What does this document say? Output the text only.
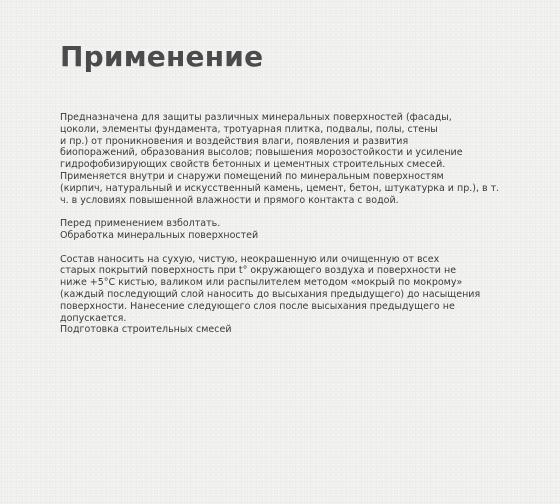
Применение

Предназначена для защиты различных минеральных поверхностей (фасады,
цоколи, элементы фундамента, тротуарная плитка, подвалы, полы, стены
и пр.) от проникновения и воздействия влаги, появления и развития
биопоражений, образования высолов; повышения морозостойкости и усиление
гидрофобизирующих свойств бетонных и цементных строительных смесей.
Применяется внутри и снаружи помещений по минеральным поверхностям
(кирпич, натуральный и искусственный камень, цемент, бетон, штукатурка и пр.), в т.
ч. в условиях повышенной влажности и прямого контакта с водой.

Перед применением взболтать.
Обработка минеральных поверхностей

Состав наносить на сухую, чистую, неокрашенную или очищенную от всех
старых покрытий поверхность при t° окружающего воздуха и поверхности не
ниже +5°С кистью, валиком или распылителем методом «мокрый по мокрому»
(каждый последующий слой наносить до высыхания предыдущего) до насыщения
поверхности. Нанесение следующего слоя после высыхания предыдущего не
допускается.
Подготовка строительных смесей
